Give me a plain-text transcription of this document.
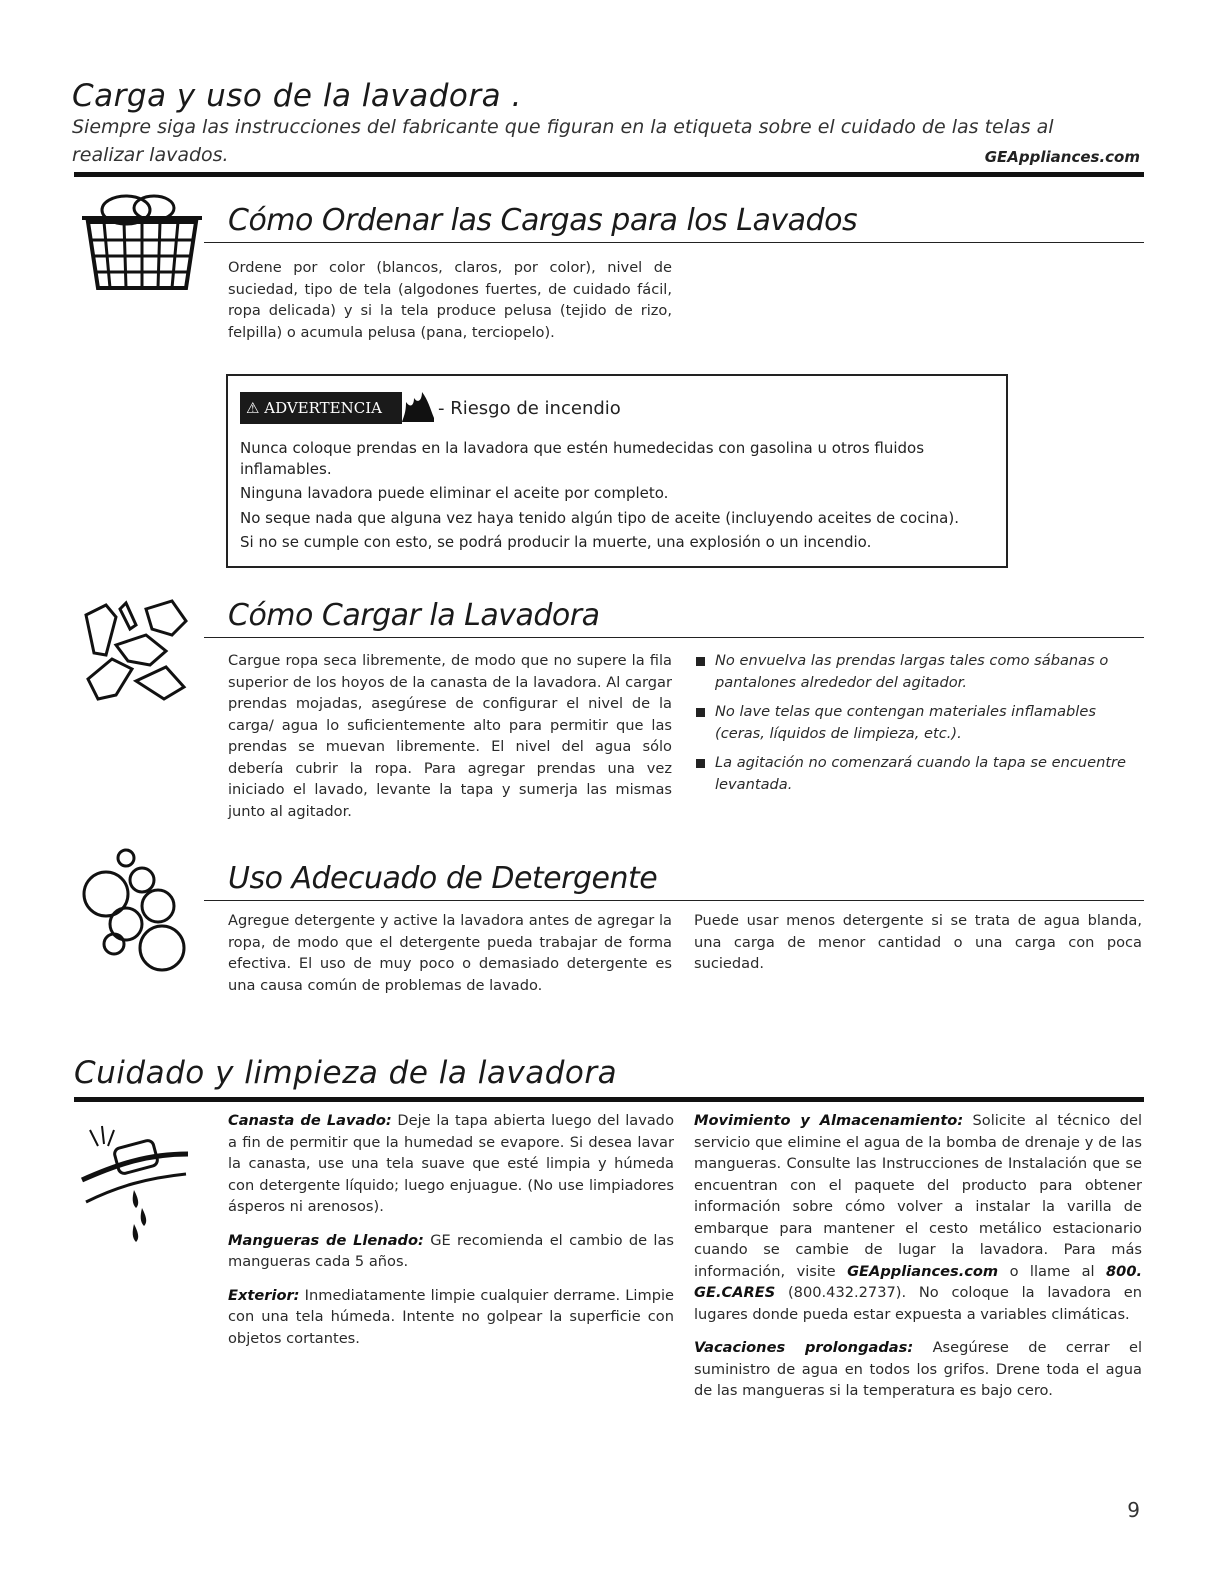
Carga y uso de la lavadora .
Siempre siga las instrucciones del fabricante que figuran en la etiqueta sobre el cuidado de las telas al
realizar lavados.	GEAppliances.com
Cómo Ordenar las Cargas para los Lavados
Ordene por color (blancos, claros, por color), nivel de suciedad, tipo de tela (algodones fuertes, de cuidado fácil, ropa delicada) y si la tela produce pelusa (tejido de rizo, felpilla) o acumula pelusa (pana, terciopelo).
⚠ ADVERTENCIA	- Riesgo de incendio
Nunca coloque prendas en la lavadora que estén humedecidas con gasolina u otros fluidos inflamables.
Ninguna lavadora puede eliminar el aceite por completo.
No seque nada que alguna vez haya tenido algún tipo de aceite (incluyendo aceites de cocina).
Si no se cumple con esto, se podrá producir la muerte, una explosión o un incendio.
Cómo Cargar la Lavadora
Cargue ropa seca libremente, de modo que no supere la fila superior de los hoyos de la canasta de la lavadora. Al cargar prendas mojadas, asegúrese de configurar el nivel de la carga/ agua lo suficientemente alto para permitir que las prendas se muevan libremente. El nivel del agua sólo debería cubrir la ropa. Para agregar prendas una vez iniciado el lavado, levante la tapa y sumerja las mismas junto al agitador.
No envuelva las prendas largas tales como sábanas o pantalones alrededor del agitador.
No lave telas que contengan materiales inflamables (ceras, líquidos de limpieza, etc.).
La agitación no comenzará cuando la tapa se encuentre levantada.
Uso Adecuado de Detergente
Agregue detergente y active la lavadora antes de agregar la ropa, de modo que el detergente pueda trabajar de forma efectiva. El uso de muy poco o demasiado detergente es una causa común de problemas de lavado.
Puede usar menos detergente si se trata de agua blanda, una carga de menor cantidad o una carga con poca suciedad.
Cuidado y limpieza de la lavadora
Canasta de Lavado: Deje la tapa abierta luego del lavado a fin de permitir que la humedad se evapore. Si desea lavar la canasta, use una tela suave que esté limpia y húmeda con detergente líquido; luego enjuague. (No use limpiadores ásperos ni arenosos).
Mangueras de Llenado: GE recomienda el cambio de las mangueras cada 5 años.
Exterior: Inmediatamente limpie cualquier derrame. Limpie con una tela húmeda. Intente no golpear la superficie con objetos cortantes.
Movimiento y Almacenamiento: Solicite al técnico del servicio que elimine el agua de la bomba de drenaje y de las mangueras. Consulte las Instrucciones de Instalación que se encuentran con el paquete del producto para obtener información sobre cómo volver a instalar la varilla de embarque para mantener el cesto metálico estacionario cuando se cambie de lugar la lavadora. Para más información, visite GEAppliances.com o llame al 800. GE.CARES (800.432.2737). No coloque la lavadora en lugares donde pueda estar expuesta a variables climáticas.
Vacaciones prolongadas: Asegúrese de cerrar el suministro de agua en todos los grifos. Drene toda el agua de las mangueras si la temperatura es bajo cero.
9
